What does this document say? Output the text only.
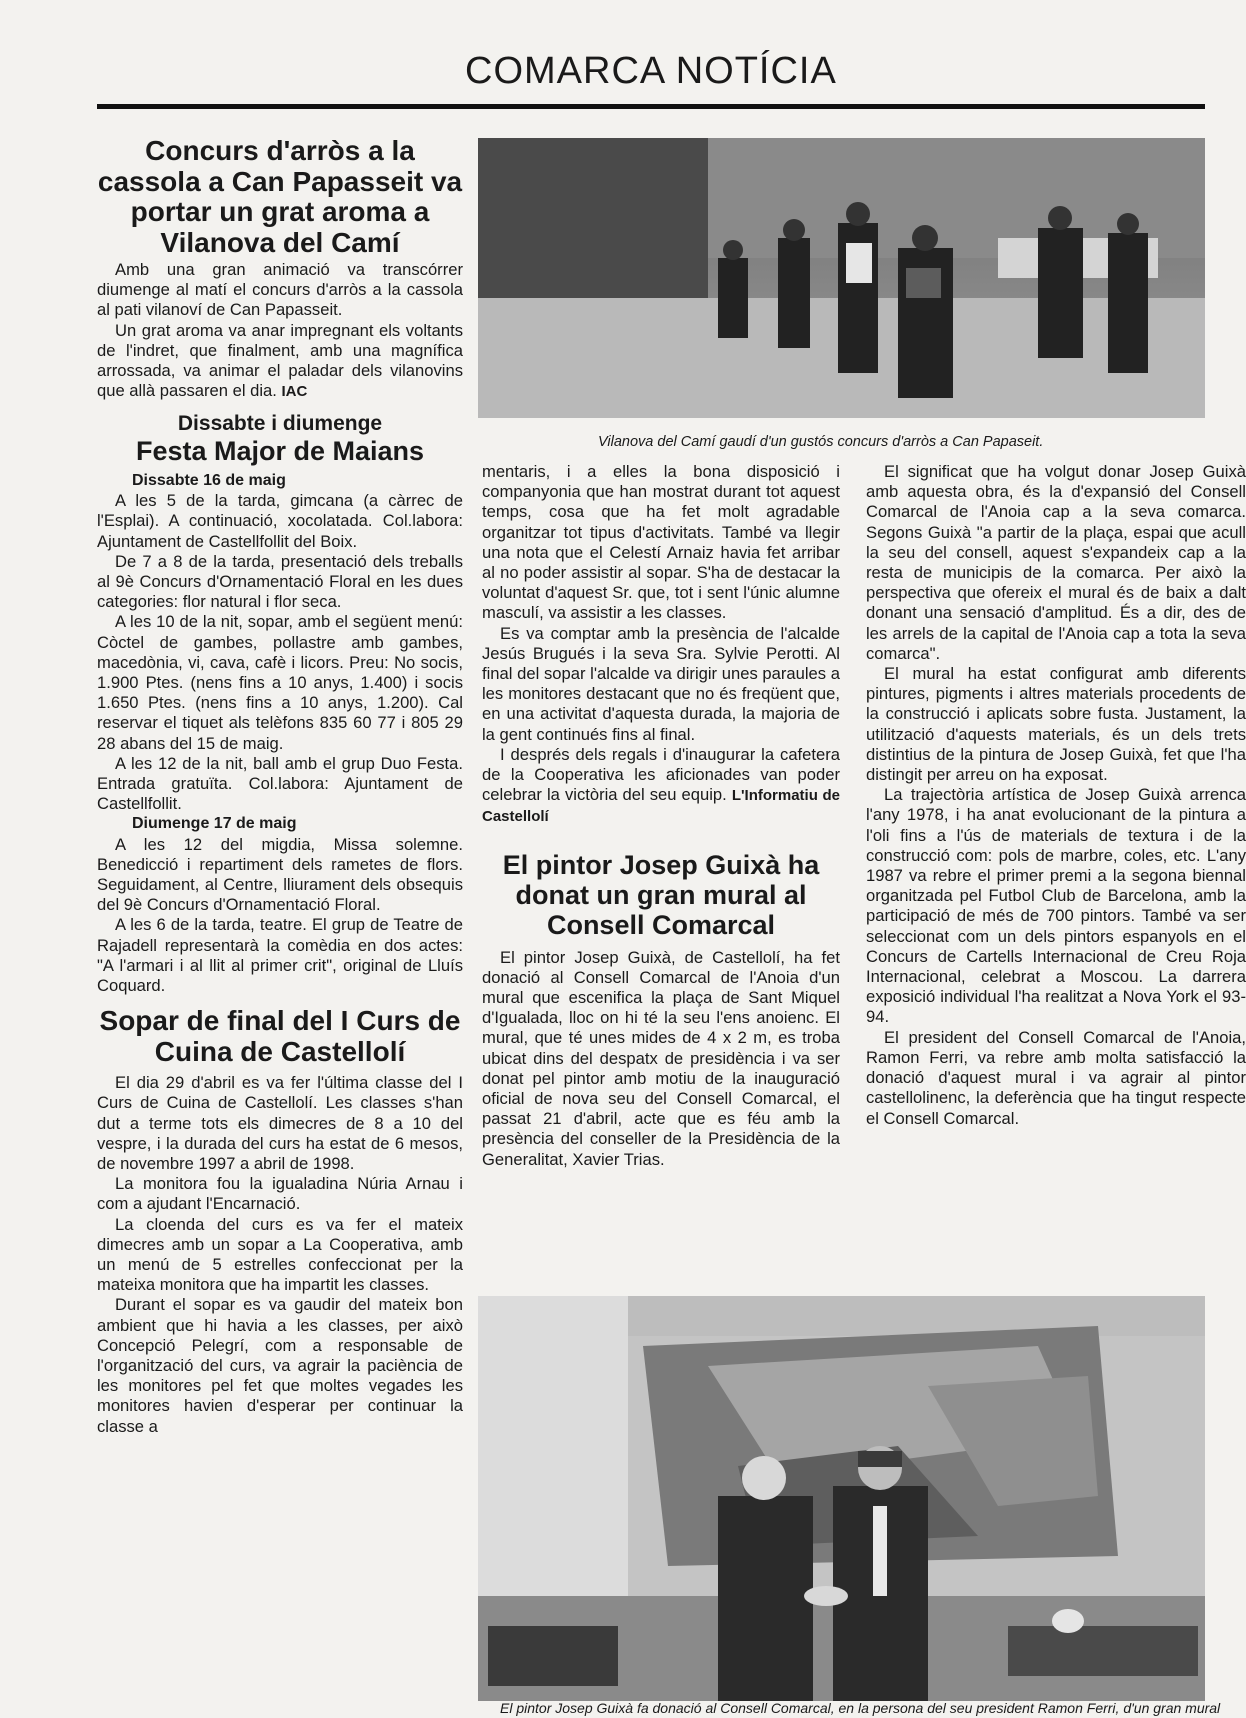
COMARCA NOTÍCIA
Concurs d'arròs a la cassola a Can Papasseit va portar un grat aroma a Vilanova del Camí

Amb una gran animació va transcórrer diumenge al matí el concurs d'arròs a la cassola al pati vilanoví de Can Papasseit.

Un grat aroma va anar impregnant els voltants de l'indret, que finalment, amb una magnífica arrossada, va animar el paladar dels vilanovins que allà passaren el dia. IAC

Dissabte i diumenge
Festa Major de Maians

Dissabte 16 de maig

A les 5 de la tarda, gimcana (a càrrec de l'Esplai). A continuació, xocolatada. Col.labora: Ajuntament de Castellfollit del Boix.

De 7 a 8 de la tarda, presentació dels treballs al 9è Concurs d'Ornamentació Floral en les dues categories: flor natural i flor seca.

A les 10 de la nit, sopar, amb el següent menú: Còctel de gambes, pollastre amb gambes, macedònia, vi, cava, cafè i licors. Preu: No socis, 1.900 Ptes. (nens fins a 10 anys, 1.400) i socis 1.650 Ptes. (nens fins a 10 anys, 1.200). Cal reservar el tiquet als telèfons 835 60 77 i 805 29 28 abans del 15 de maig.

A les 12 de la nit, ball amb el grup Duo Festa. Entrada gratuïta. Col.labora: Ajuntament de Castellfollit.

Diumenge 17 de maig

A les 12 del migdia, Missa solemne. Benedicció i repartiment dels rametes de flors. Seguidament, al Centre, lliurament dels obsequis del 9è Concurs d'Ornamentació Floral.

A les 6 de la tarda, teatre. El grup de Teatre de Rajadell representarà la comèdia en dos actes: "A l'armari i al llit al primer crit", original de Lluís Coquard.

Sopar de final del I Curs de Cuina de Castellolí

El dia 29 d'abril es va fer l'última classe del I Curs de Cuina de Castellolí. Les classes s'han dut a terme tots els dimecres de 8 a 10 del vespre, i la durada del curs ha estat de 6 mesos, de novembre 1997 a abril de 1998.

La monitora fou la igualadina Núria Arnau i com a ajudant l'Encarnació.

La cloenda del curs es va fer el mateix dimecres amb un sopar a La Cooperativa, amb un menú de 5 estrelles confeccionat per la mateixa monitora que ha impartit les classes.

Durant el sopar es va gaudir del mateix bon ambient que hi havia a les classes, per això Concepció Pelegrí, com a responsable de l'organització del curs, va agrair la paciència de les monitores pel fet que moltes vegades les monitores havien d'esperar per continuar la classe a

Vilanova del Camí gaudí d'un gustós concurs d'arròs a Can Papaseit.

mentaris, i a elles la bona disposició i companyonia que han mostrat durant tot aquest temps, cosa que ha fet molt agradable organitzar tot tipus d'activitats. També va llegir una nota que el Celestí Arnaiz havia fet arribar al no poder assistir al sopar. S'ha de destacar la voluntat d'aquest Sr. que, tot i sent l'únic alumne masculí, va assistir a les classes.

Es va comptar amb la presència de l'alcalde Jesús Brugués i la seva Sra. Sylvie Perotti. Al final del sopar l'alcalde va dirigir unes paraules a les monitores destacant que no és freqüent que, en una activitat d'aquesta durada, la majoria de la gent continués fins al final.

I després dels regals i d'inaugurar la cafetera de la Cooperativa les aficionades van poder celebrar la victòria del seu equip. L'Informatiu de Castellolí

El pintor Josep Guixà ha donat un gran mural al Consell Comarcal

El pintor Josep Guixà, de Castellolí, ha fet donació al Consell Comarcal de l'Anoia d'un mural que escenifica la plaça de Sant Miquel d'Igualada, lloc on hi té la seu l'ens anoienc. El mural, que té unes mides de 4 x 2 m, es troba ubicat dins del despatx de presidència i va ser donat pel pintor amb motiu de la inauguració oficial de nova seu del Consell Comarcal, el passat 21 d'abril, acte que es féu amb la presència del conseller de la Presidència de la Generalitat, Xavier Trias.

El significat que ha volgut donar Josep Guixà amb aquesta obra, és la d'expansió del Consell Comarcal de l'Anoia cap a la seva comarca. Segons Guixà "a partir de la plaça, espai que acull la seu del consell, aquest s'expandeix cap a la resta de municipis de la comarca. Per això la perspectiva que ofereix el mural és de baix a dalt donant una sensació d'amplitud. És a dir, des de les arrels de la capital de l'Anoia cap a tota la seva comarca".

El mural ha estat configurat amb diferents pintures, pigments i altres materials procedents de la construcció i aplicats sobre fusta. Justament, la utilització d'aquests materials, és un dels trets distintius de la pintura de Josep Guixà, fet que l'ha distingit per arreu on ha exposat.

La trajectòria artística de Josep Guixà arrenca l'any 1978, i ha anat evolucionant de la pintura a l'oli fins a l'ús de materials de textura i de la construcció com: pols de marbre, coles, etc. L'any 1987 va rebre el primer premi a la segona biennal organitzada pel Futbol Club de Barcelona, amb la participació de més de 700 pintors. També va ser seleccionat com un dels pintors espanyols en el Concurs de Cartells Internacional de Creu Roja Internacional, celebrat a Moscou. La darrera exposició individual l'ha realitzat a Nova York el 93-94.

El president del Consell Comarcal de l'Anoia, Ramon Ferri, va rebre amb molta satisfacció la donació d'aquest mural i va agrair al pintor castellolinenc, la deferència que ha tingut respecte el Consell Comarcal.

El pintor Josep Guixà fa donació al Consell Comarcal, en la persona del seu president Ramon Ferri, d'un gran mural
